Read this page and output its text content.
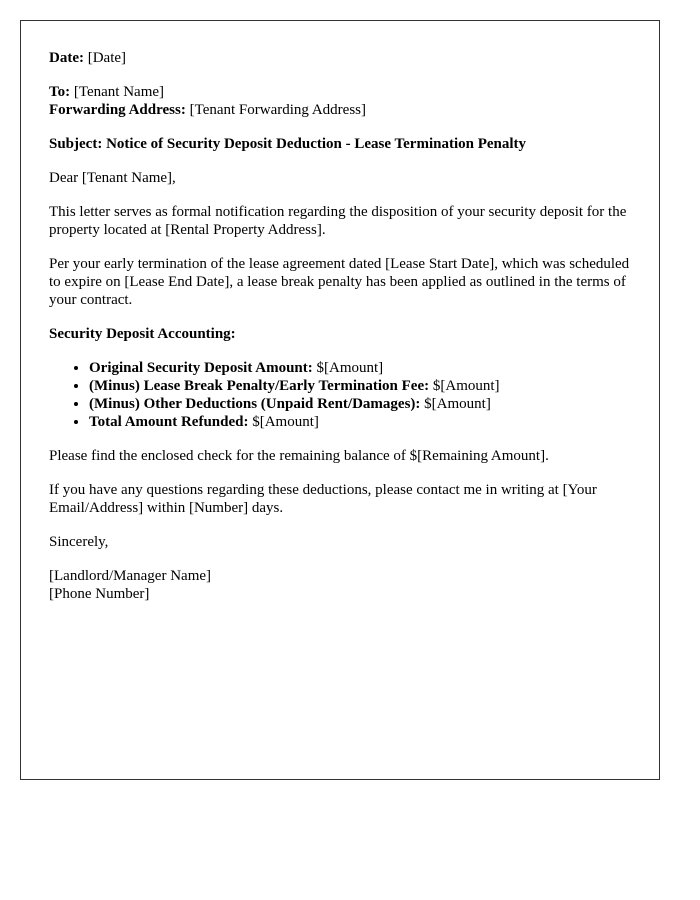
Date: [Date]

To: [Tenant Name]
Forwarding Address: [Tenant Forwarding Address]

Subject: Notice of Security Deposit Deduction - Lease Termination Penalty

Dear [Tenant Name],

This letter serves as formal notification regarding the disposition of your security deposit for the property located at [Rental Property Address].

Per your early termination of the lease agreement dated [Lease Start Date], which was scheduled to expire on [Lease End Date], a lease break penalty has been applied as outlined in the terms of your contract.

Security Deposit Accounting:

• Original Security Deposit Amount: $[Amount]
• (Minus) Lease Break Penalty/Early Termination Fee: $[Amount]
• (Minus) Other Deductions (Unpaid Rent/Damages): $[Amount]
• Total Amount Refunded: $[Amount]

Please find the enclosed check for the remaining balance of $[Remaining Amount].

If you have any questions regarding these deductions, please contact me in writing at [Your Email/Address] within [Number] days.

Sincerely,

[Landlord/Manager Name]
[Phone Number]
